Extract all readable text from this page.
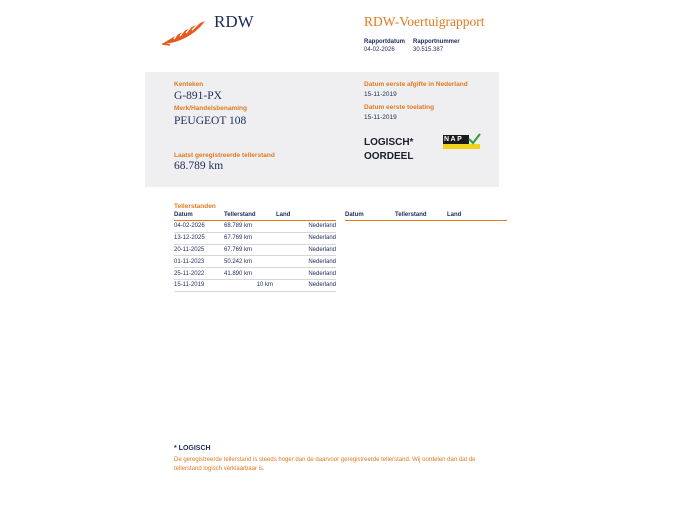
RDW	RDW-Voertuigrapport
Rapportdatum Rapportnummer
04-02-2026	30.515.387
Kenteken
G-891-PX
Merk/Handelsbenaming
PEUGEOT 108
Laatst geregistreerde tellerstand
68.789 km
Datum eerste afgifte in Nederland
15-11-2019
Datum eerste toelating
15-11-2019
LOGISCH*
OORDEEL
NAP
Tellerstanden
Datum	Tellerstand	Land
04-02-2026	68.789 km	Nederland
13-12-2025	67.769 km	Nederland
20-11-2025	67.769 km	Nederland
01-11-2023	50.242 km	Nederland
25-11-2022	41.890 km	Nederland
15-11-2019	10 km	Nederland
Datum	Tellerstand	Land
* LOGISCH
De geregistreerde tellerstand is steeds hoger dan de daarvoor geregistreerde tellerstand. Wij oordelen dan dat de
tellerstand logisch verklaarbaar is.
